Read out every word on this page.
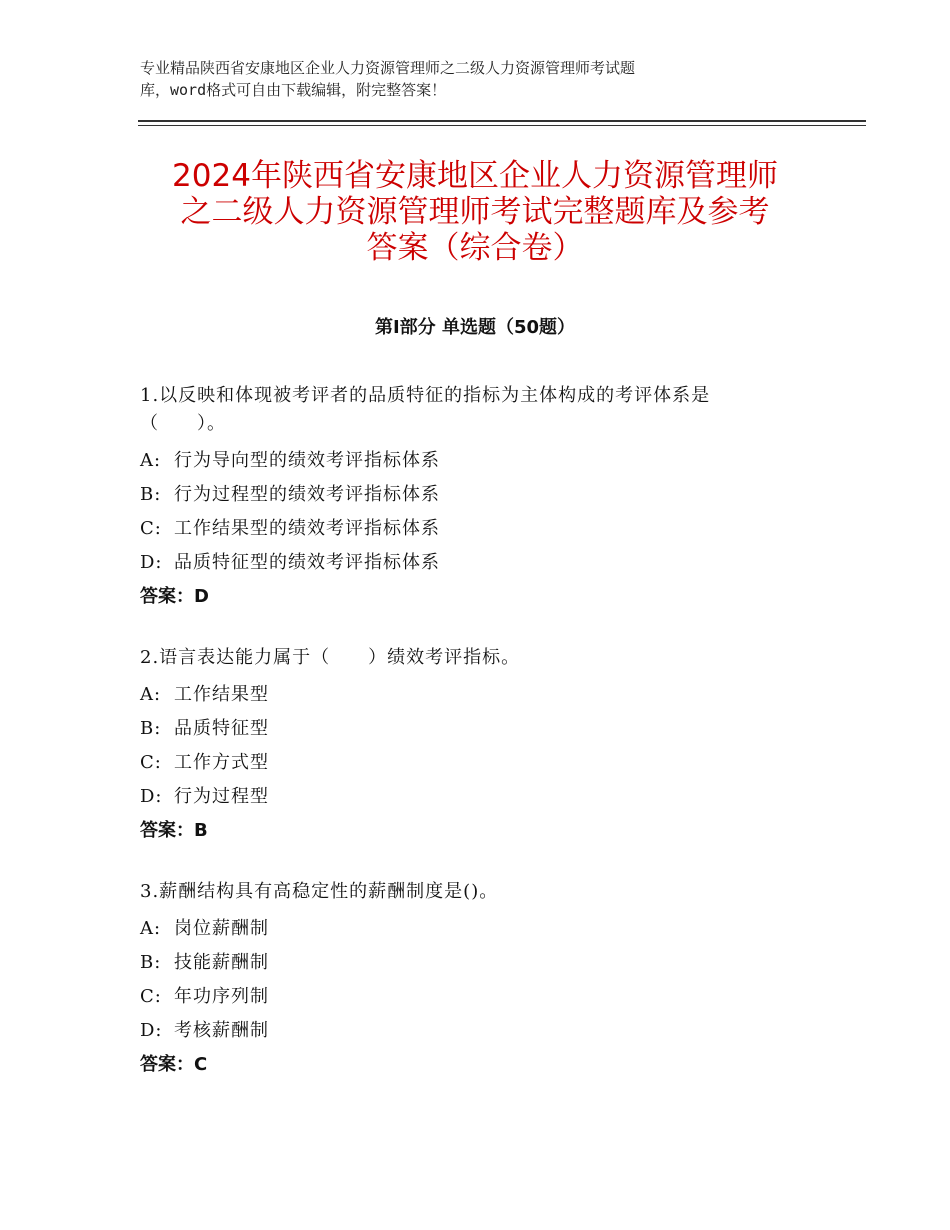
专业精品陕西省安康地区企业人力资源管理师之二级人力资源管理师考试题
库，word格式可自由下载编辑，附完整答案！
2024年陕西省安康地区企业人力资源管理师
之二级人力资源管理师考试完整题库及参考
答案（综合卷）
第Ⅰ部分 单选题（50题）
1.以反映和体现被考评者的品质特征的指标为主体构成的考评体系是
（　　）。
A: 行为导向型的绩效考评指标体系
B: 行为过程型的绩效考评指标体系
C: 工作结果型的绩效考评指标体系
D: 品质特征型的绩效考评指标体系
答案：D
2.语言表达能力属于（　　）绩效考评指标。
A: 工作结果型
B: 品质特征型
C: 工作方式型
D: 行为过程型
答案：B
3.薪酬结构具有高稳定性的薪酬制度是()。
A: 岗位薪酬制
B: 技能薪酬制
C: 年功序列制
D: 考核薪酬制
答案：C
